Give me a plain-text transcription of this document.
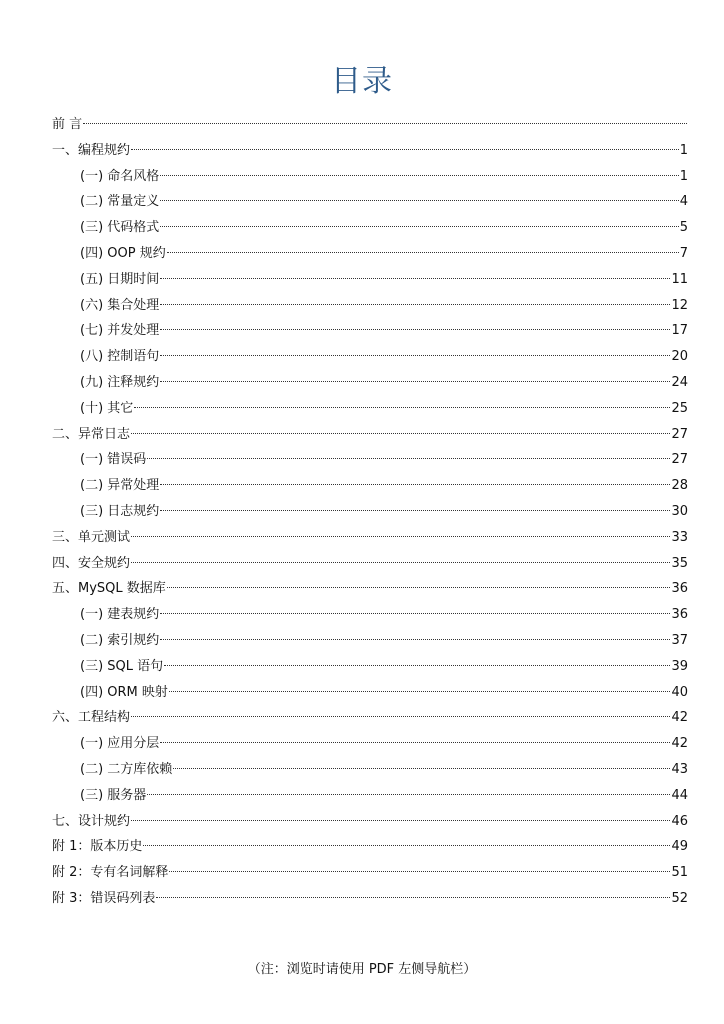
目录
前 言
一、编程规约	1
(一) 命名风格	1
(二) 常量定义	4
(三) 代码格式	5
(四) OOP 规约	7
(五) 日期时间	11
(六) 集合处理	12
(七) 并发处理	17
(八) 控制语句	20
(九) 注释规约	24
(十) 其它	25
二、异常日志	27
(一) 错误码	27
(二) 异常处理	28
(三) 日志规约	30
三、单元测试	33
四、安全规约	35
五、MySQL 数据库	36
(一) 建表规约	36
(二) 索引规约	37
(三) SQL 语句	39
(四) ORM 映射	40
六、工程结构	42
(一) 应用分层	42
(二) 二方库依赖	43
(三) 服务器	44
七、设计规约	46
附 1：版本历史	49
附 2：专有名词解释	51
附 3：错误码列表	52
（注：浏览时请使用 PDF 左侧导航栏）
